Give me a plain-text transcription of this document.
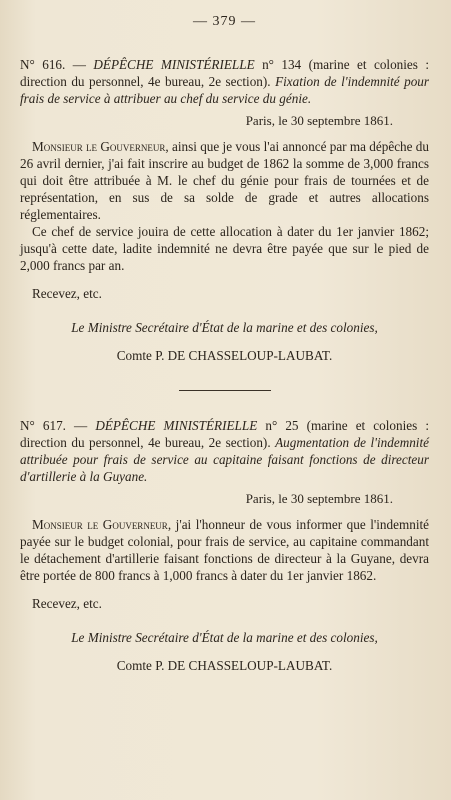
— 379 —

N° 616. — DÉPÊCHE MINISTÉRIELLE n° 134 (marine et colonies : direction du personnel, 4e bureau, 2e section). Fixation de l'indemnité pour frais de service à attribuer au chef du service du génie.

Paris, le 30 septembre 1861.

Monsieur le Gouverneur, ainsi que je vous l'ai annoncé par ma dépêche du 26 avril dernier, j'ai fait inscrire au budget de 1862 la somme de 3,000 francs qui doit être attribuée à M. le chef du génie pour frais de tournées et de représentation, en sus de sa solde de grade et autres allocations réglementaires.

Ce chef de service jouira de cette allocation à dater du 1er janvier 1862; jusqu'à cette date, ladite indemnité ne devra être payée que sur le pied de 2,000 francs par an.

Recevez, etc.
Le Ministre Secrétaire d'État de la marine et des colonies,
Comte P. DE CHASSELOUP-LAUBAT.

N° 617. — DÉPÊCHE MINISTÉRIELLE n° 25 (marine et colonies : direction du personnel, 4e bureau, 2e section). Augmentation de l'indemnité attribuée pour frais de service au capitaine faisant fonctions de directeur d'artillerie à la Guyane.

Paris, le 30 septembre 1861.

Monsieur le Gouverneur, j'ai l'honneur de vous informer que l'indemnité payée sur le budget colonial, pour frais de service, au capitaine commandant le détachement d'artillerie faisant fonctions de directeur à la Guyane, devra être portée de 800 francs à 1,000 francs à dater du 1er janvier 1862.

Recevez, etc.
Le Ministre Secrétaire d'État de la marine et des colonies,
Comte P. DE CHASSELOUP-LAUBAT.
